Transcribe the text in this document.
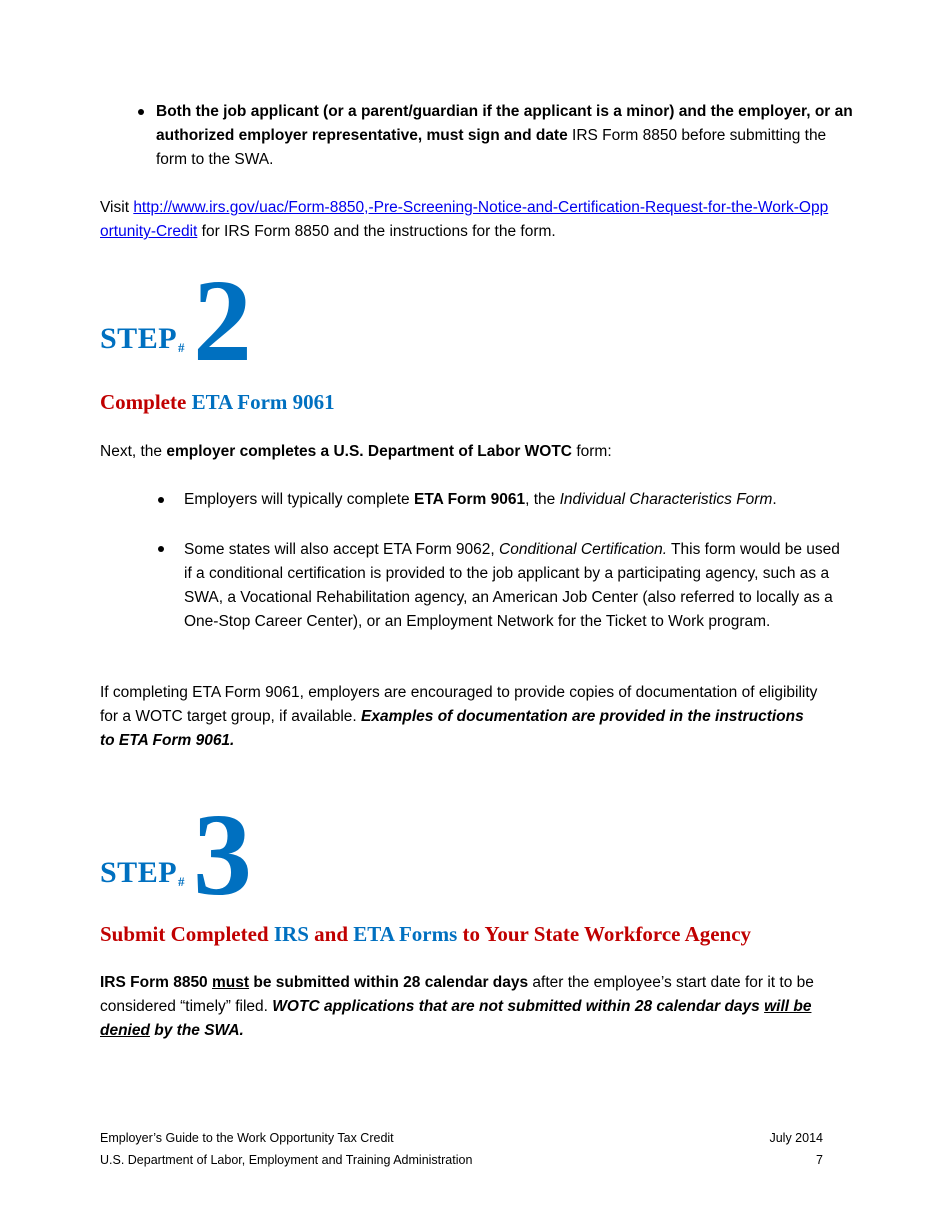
Both the job applicant (or a parent/guardian if the applicant is a minor) and the employer, or an authorized employer representative, must sign and date IRS Form 8850 before submitting the form to the SWA.
Visit http://www.irs.gov/uac/Form-8850,-Pre-Screening-Notice-and-Certification-Request-for-the-Work-Opportunity-Credit for IRS Form 8850 and the instructions for the form.
STEP # 2
Complete ETA Form 9061
Next, the employer completes a U.S. Department of Labor WOTC form:
Employers will typically complete ETA Form 9061, the Individual Characteristics Form.
Some states will also accept ETA Form 9062, Conditional Certification. This form would be used if a conditional certification is provided to the job applicant by a participating agency, such as a SWA, a Vocational Rehabilitation agency, an American Job Center (also referred to locally as a One-Stop Career Center), or an Employment Network for the Ticket to Work program.
If completing ETA Form 9061, employers are encouraged to provide copies of documentation of eligibility for a WOTC target group, if available. Examples of documentation are provided in the instructions to ETA Form 9061.
STEP # 3
Submit Completed IRS and ETA Forms to Your State Workforce Agency
IRS Form 8850 must be submitted within 28 calendar days after the employee’s start date for it to be considered “timely” filed. WOTC applications that are not submitted within 28 calendar days will be denied by the SWA.
Employer’s Guide to the Work Opportunity Tax Credit
U.S. Department of Labor, Employment and Training Administration
July 2014
7
